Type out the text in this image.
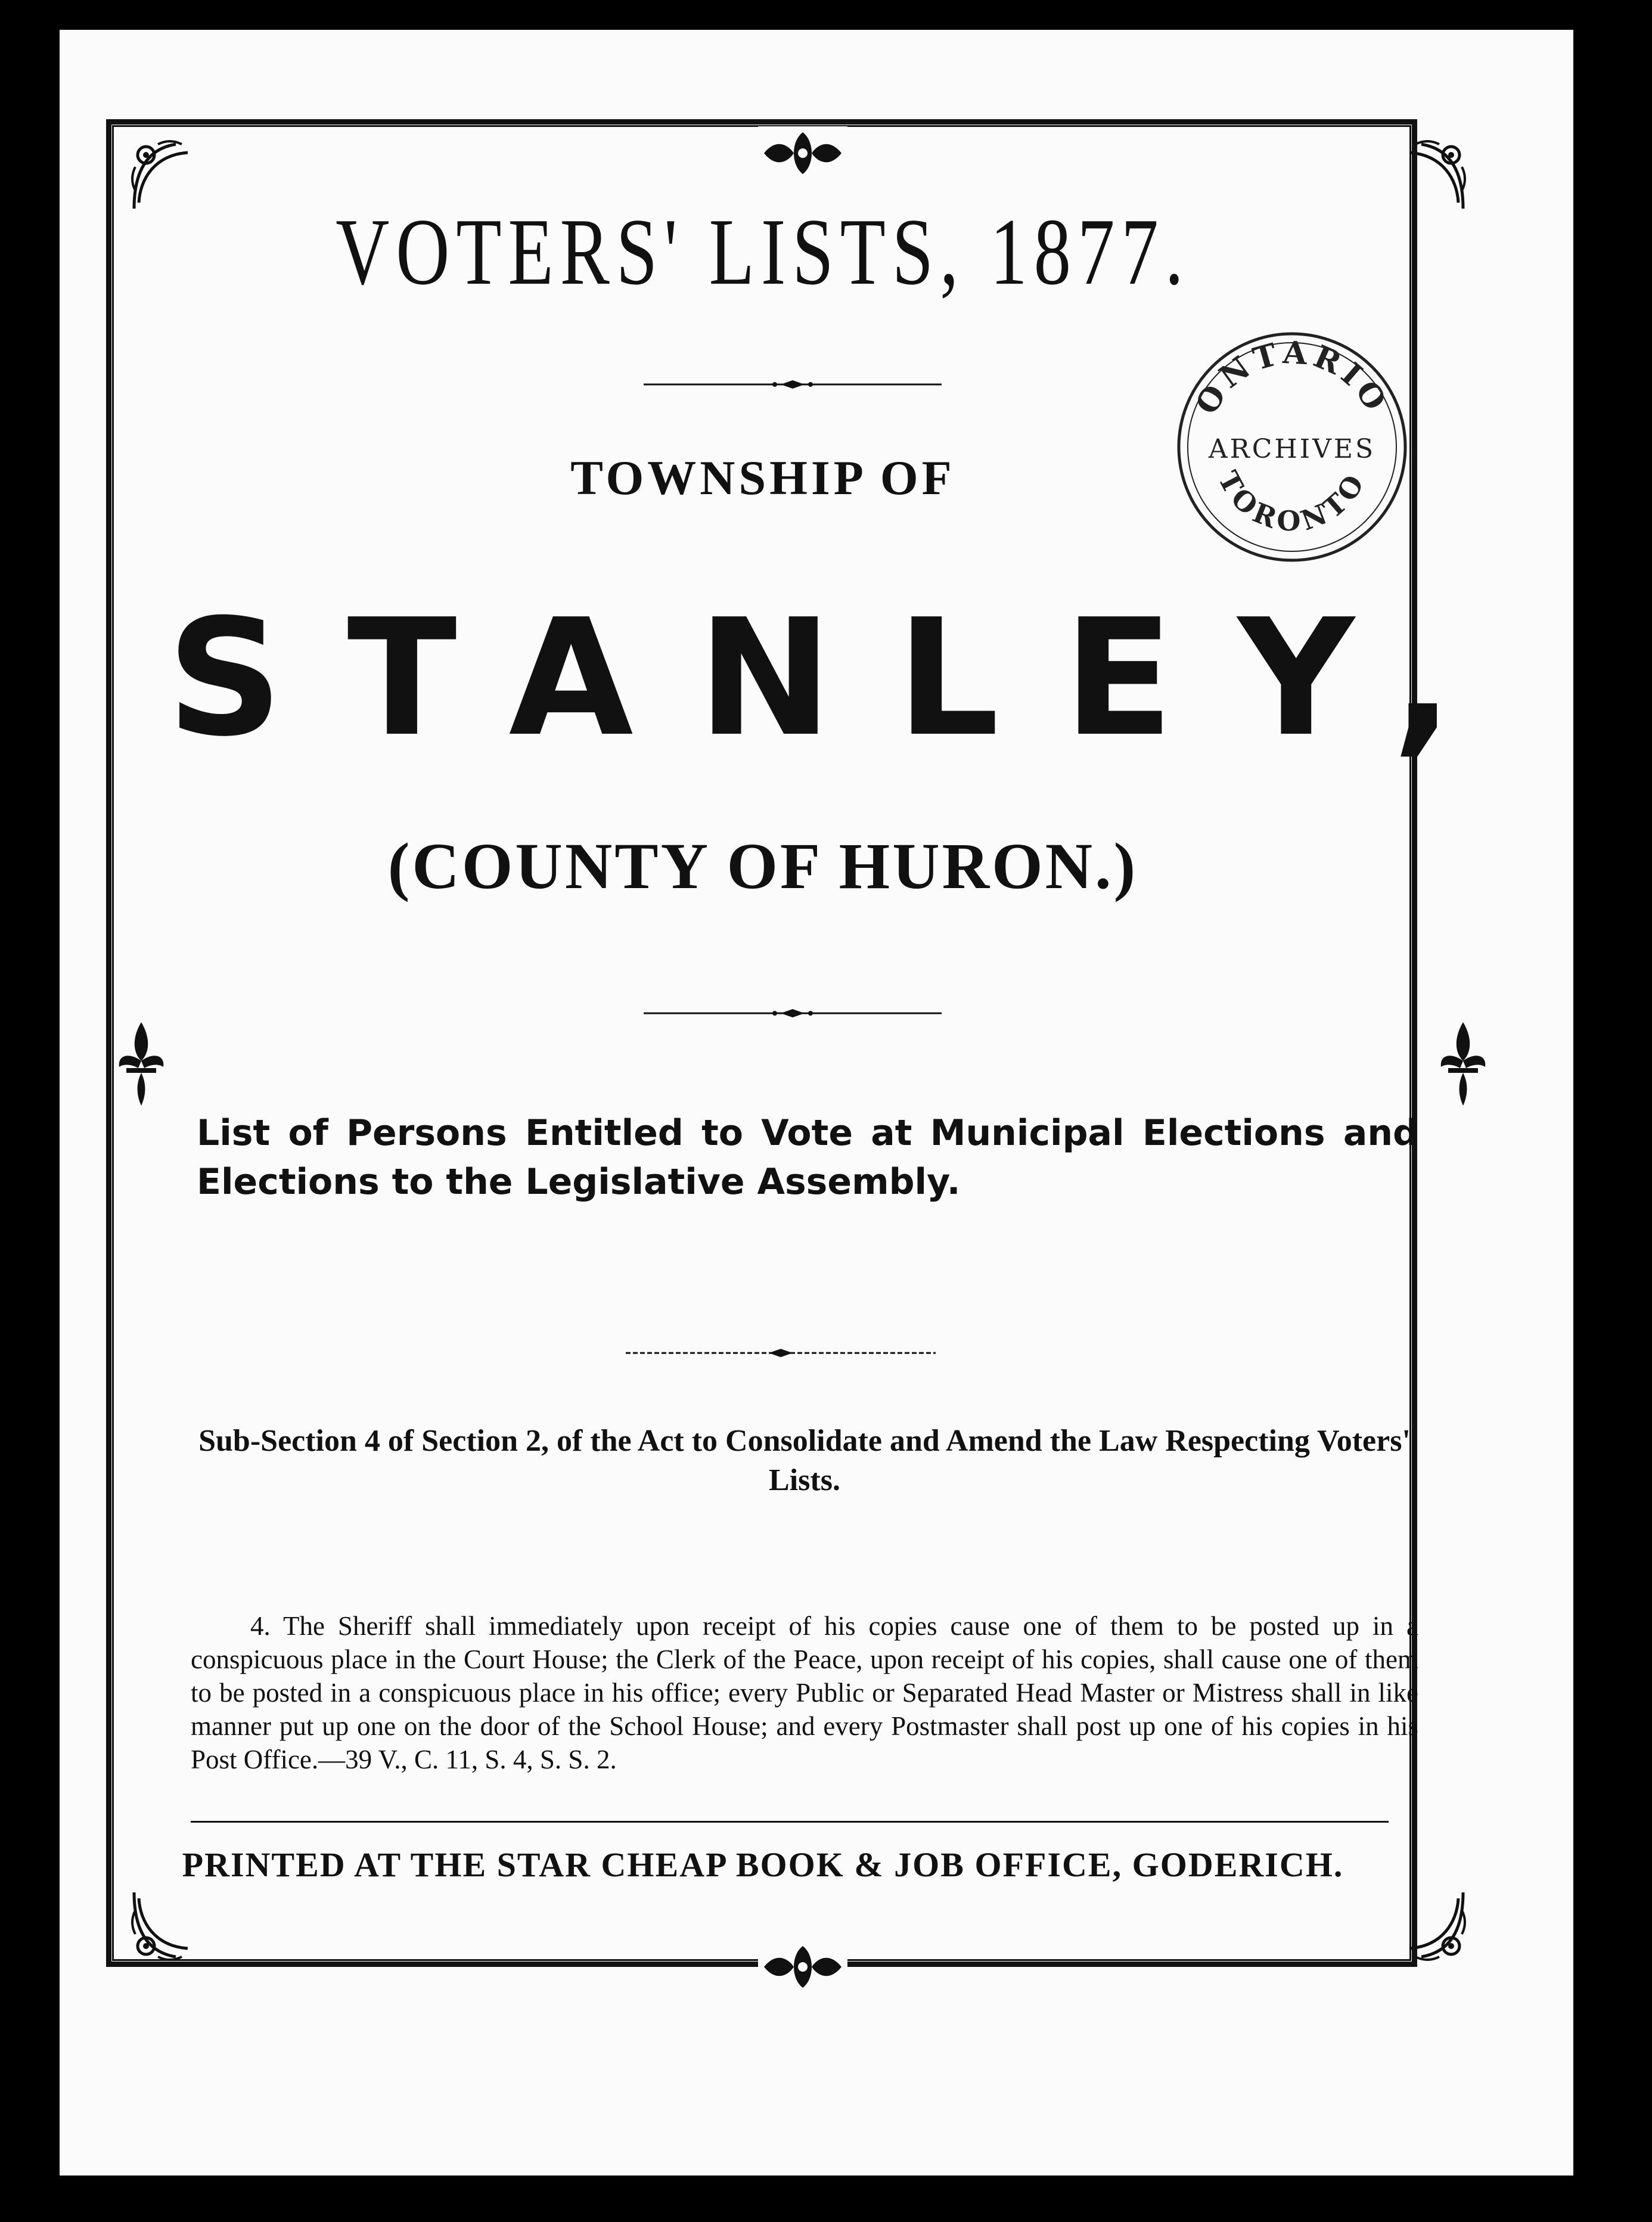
VOTERS' LISTS, 1877.
TOWNSHIP OF
STANLEY,
(COUNTY OF HURON.)
List of Persons Entitled to Vote at Municipal Elections and Elections to the Legislative Assembly.
Sub-Section 4 of Section 2, of the Act to Consolidate and Amend the Law Respecting Voters' Lists.
4. The Sheriff shall immediately upon receipt of his copies cause one of them to be posted up in a conspicuous place in the Court House; the Clerk of the Peace, upon receipt of his copies, shall cause one of them to be posted in a conspicuous place in his office; every Public or Separated Head Master or Mistress shall in like manner put up one on the door of the School House; and every Postmaster shall post up one of his copies in his Post Office.—39 V., C. 11, S. 4, S. S. 2.
PRINTED AT THE STAR CHEAP BOOK & JOB OFFICE, GODERICH.
ONTARIO
ARCHIVES
TORONTO
